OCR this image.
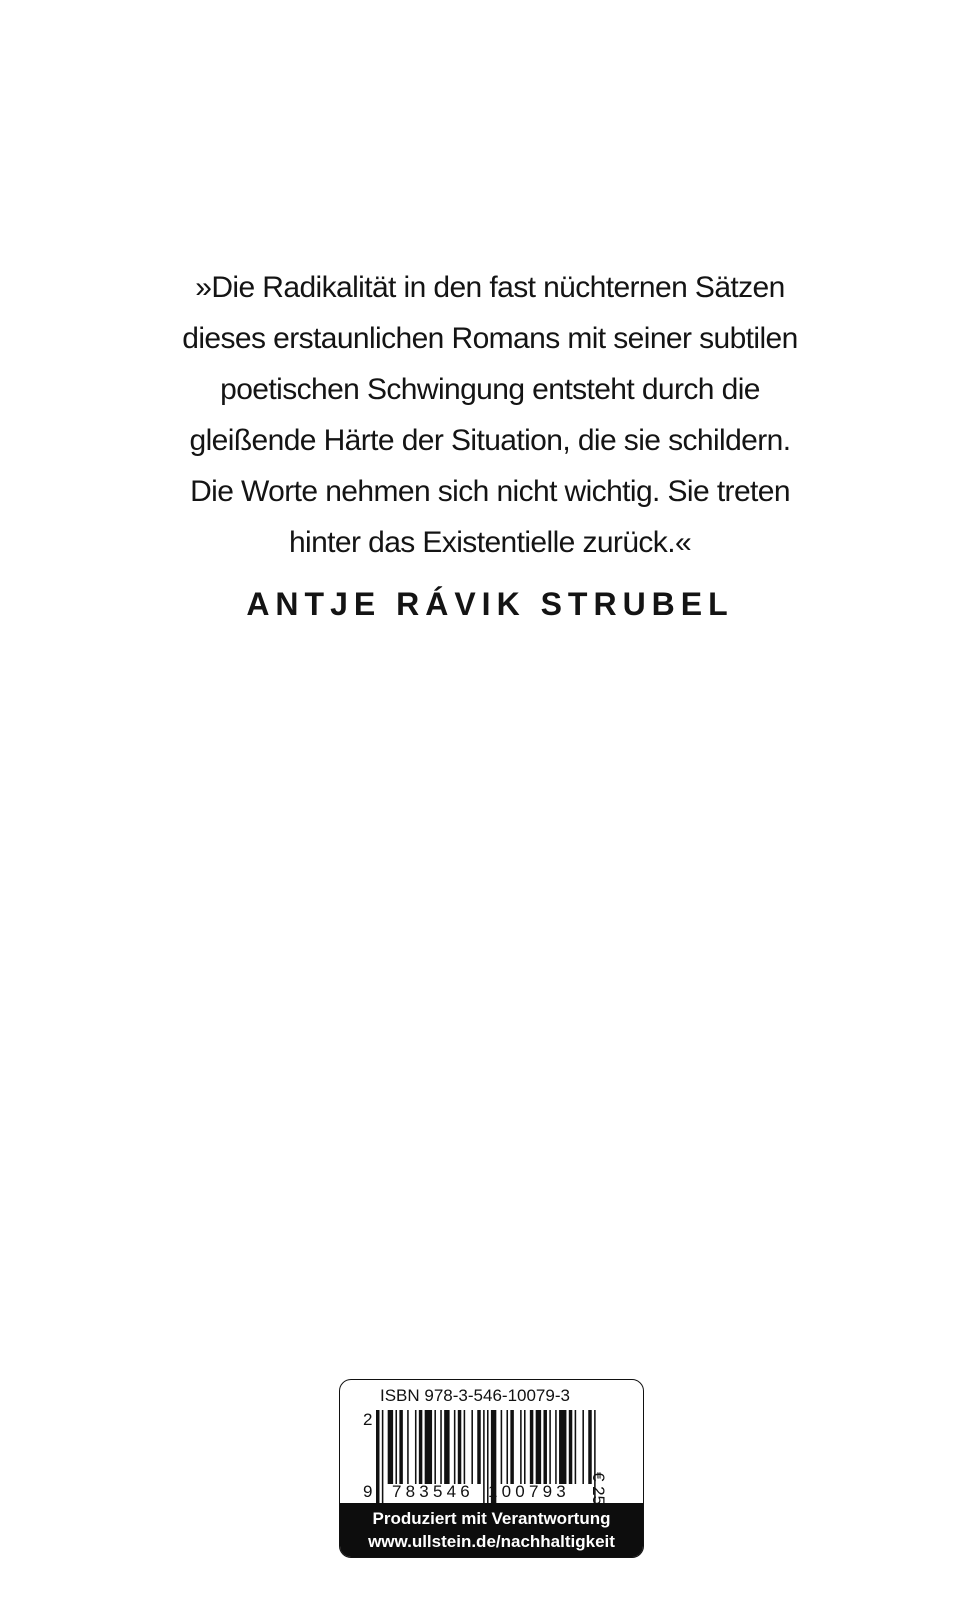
»Die Radikalität in den fast nüchternen Sätzen
dieses erstaunlichen Romans mit seiner subtilen
poetischen Schwingung entsteht durch die
gleißende Härte der Situation, die sie schildern.
Die Worte nehmen sich nicht wichtig. Sie treten
hinter das Existentielle zurück.«
ANTJE RÁVIK STRUBEL
ISBN 978-3-546-10079-3
2
9 783546 100793
Produziert mit Verantwortung
www.ullstein.de/nachhaltigkeit
